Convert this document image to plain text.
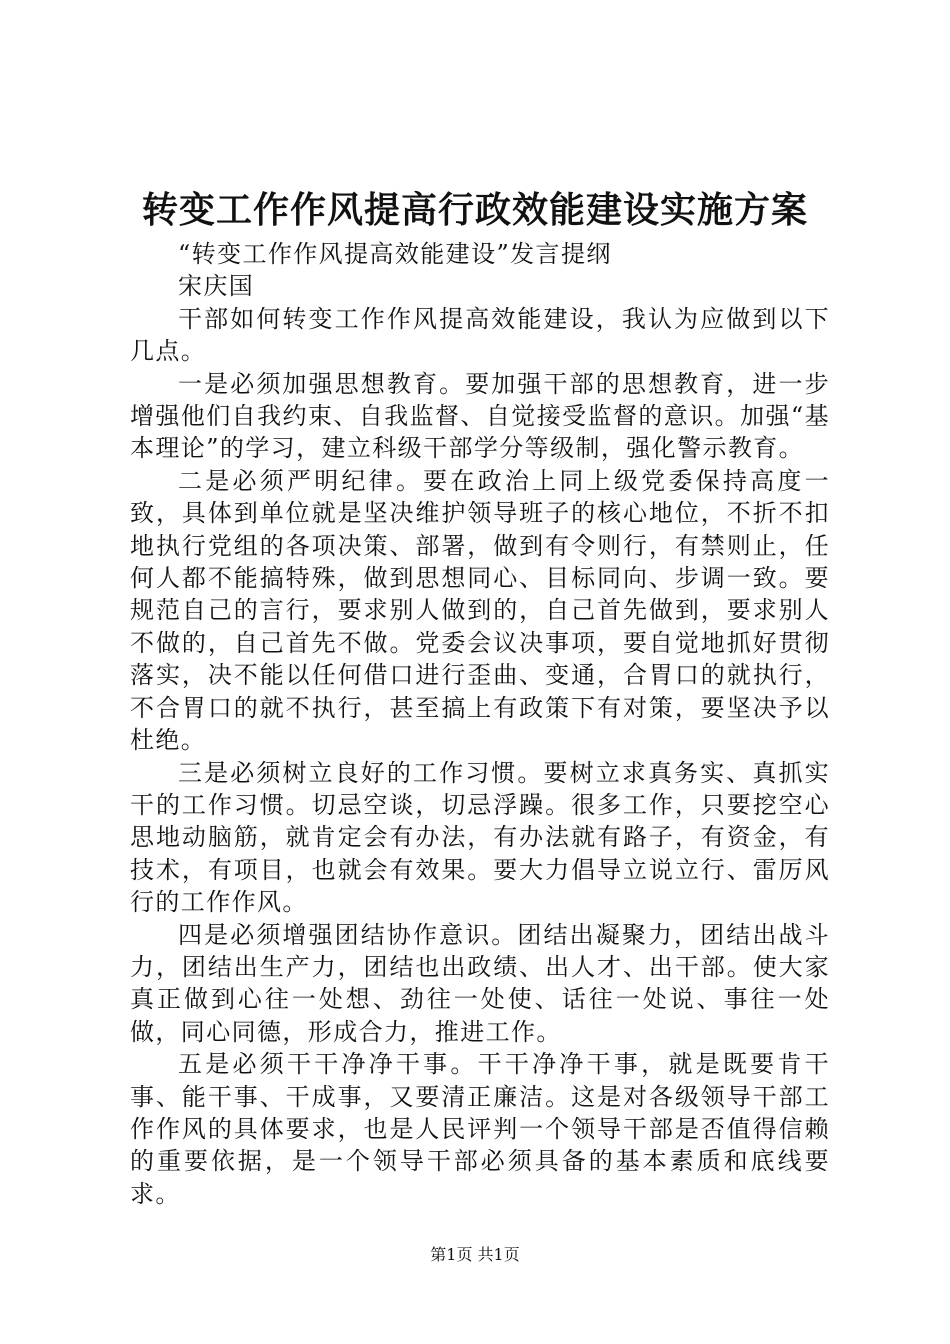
转变工作作风提高行政效能建设实施方案

“转变工作作风提高效能建设”发言提纲

宋庆国

干部如何转变工作作风提高效能建设，我认为应做到以下几点。

一是必须加强思想教育。要加强干部的思想教育，进一步增强他们自我约束、自我监督、自觉接受监督的意识。加强“基本理论”的学习，建立科级干部学分等级制，强化警示教育。

二是必须严明纪律。要在政治上同上级党委保持高度一致，具体到单位就是坚决维护领导班子的核心地位，不折不扣地执行党组的各项决策、部署，做到有令则行，有禁则止，任何人都不能搞特殊，做到思想同心、目标同向、步调一致。要规范自己的言行，要求别人做到的，自己首先做到，要求别人不做的，自己首先不做。党委会议决事项，要自觉地抓好贯彻落实，决不能以任何借口进行歪曲、变通，合胃口的就执行，不合胃口的就不执行，甚至搞上有政策下有对策，要坚决予以杜绝。

三是必须树立良好的工作习惯。要树立求真务实、真抓实干的工作习惯。切忌空谈，切忌浮躁。很多工作，只要挖空心思地动脑筋，就肯定会有办法，有办法就有路子，有资金，有技术，有项目，也就会有效果。要大力倡导立说立行、雷厉风行的工作作风。

四是必须增强团结协作意识。团结出凝聚力，团结出战斗力，团结出生产力，团结也出政绩、出人才、出干部。使大家真正做到心往一处想、劲往一处使、话往一处说、事往一处做，同心同德，形成合力，推进工作。

五是必须干干净净干事。干干净净干事，就是既要肯干事、能干事、干成事，又要清正廉洁。这是对各级领导干部工作作风的具体要求，也是人民评判一个领导干部是否值得信赖的重要依据，是一个领导干部必须具备的基本素质和底线要求。

第1页 共1页
